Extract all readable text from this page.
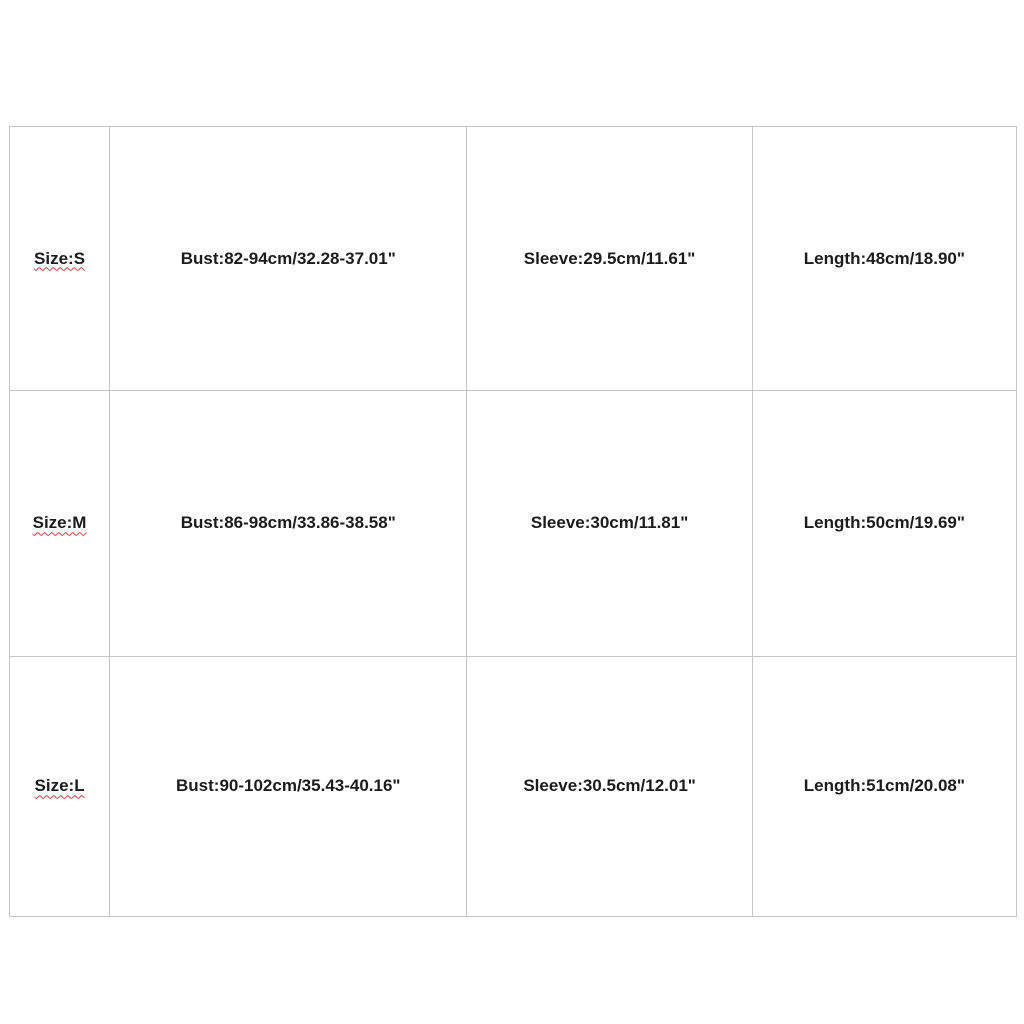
Size:S	Bust:82-94cm/32.28-37.01"	Sleeve:29.5cm/11.61"	Length:48cm/18.90"
Size:M	Bust:86-98cm/33.86-38.58"	Sleeve:30cm/11.81"	Length:50cm/19.69"
Size:L	Bust:90-102cm/35.43-40.16"	Sleeve:30.5cm/12.01"	Length:51cm/20.08"
